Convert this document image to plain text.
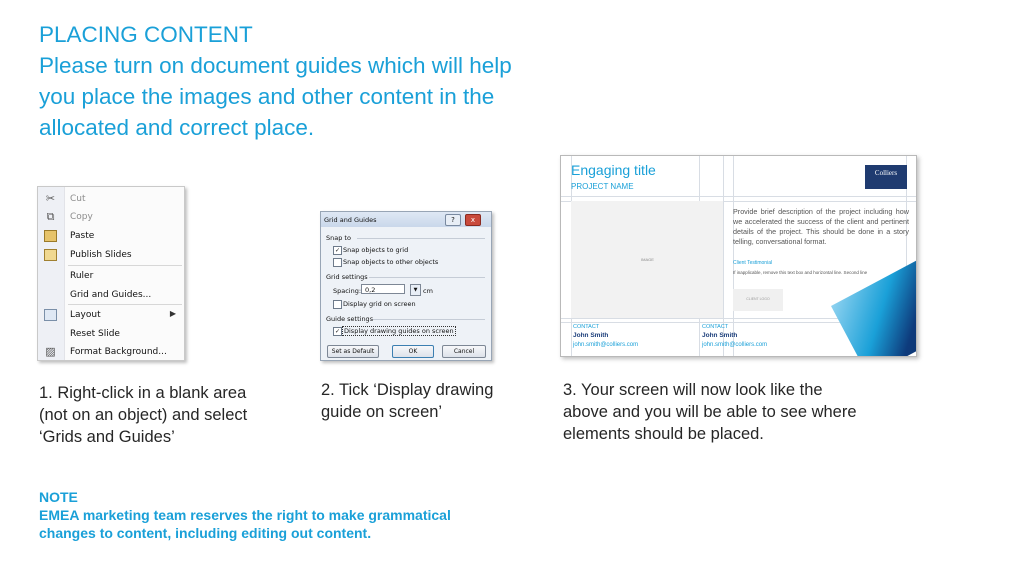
PLACING CONTENT
Please turn on document guides which will help
you place the images and other content in the
allocated and correct place.
✂ Cut
⧉ Copy
Paste
Publish Slides
Ruler
Grid and Guides...
Layout	▶
Reset Slide
▨ Format Background...
Grid and Guides	?	x
Snap to
✓ Snap objects to grid
Snap objects to other objects
Grid settings
Spacing: 0,2	▼ cm
Display grid on screen
Guide settings
✓ Display drawing guides on screen
Set as Default	OK	Cancel
Engaging title
PROJECT NAME
Colliers
IMAGE
Provide brief description of the project including how we accelerated the success of the client and pertinent details of the project. This should be done in a story telling, conversational format.
Client Testimonial
If inapplicable, remove this text box and horizontal line. Second line
CLIENT LOGO
CONTACT
John Smith
john.smith@colliers.com
CONTACT
John Smith
john.smith@colliers.com
1. Right-click in a blank area
(not on an object) and select
‘Grids and Guides’
2. Tick ‘Display drawing
guide on screen’
3. Your screen will now look like the
above and you will be able to see where
elements should be placed.
NOTE
EMEA marketing team reserves the right to make grammatical
changes to content, including editing out content.
